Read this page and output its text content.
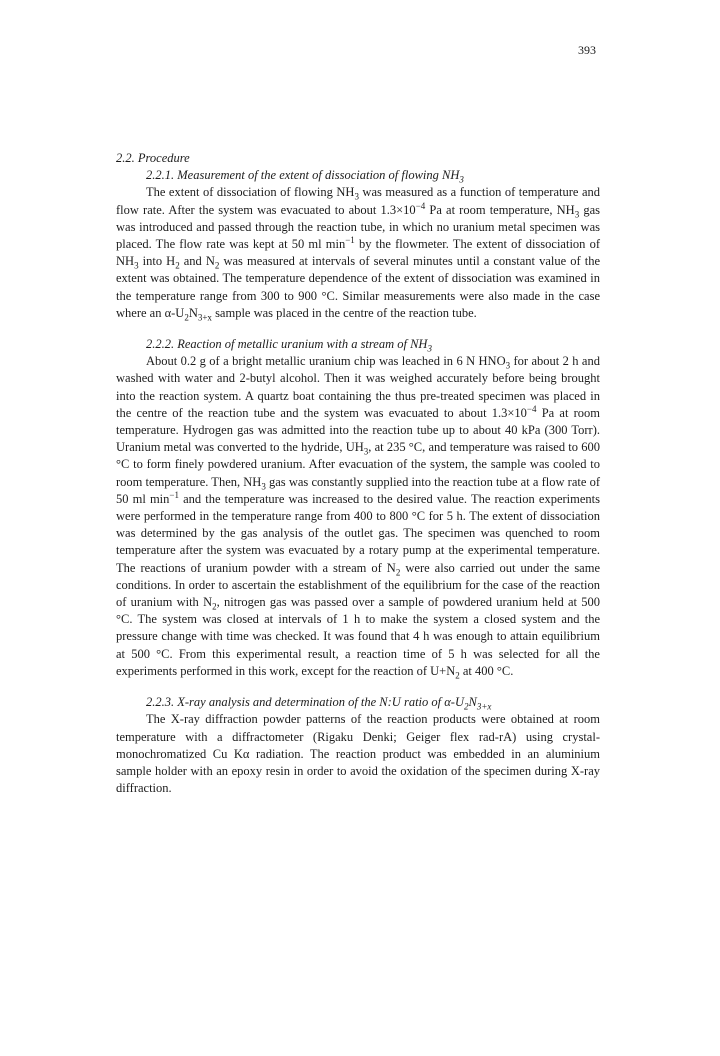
393

2.2. Procedure

2.2.1. Measurement of the extent of dissociation of flowing $NH_3$

The extent of dissociation of flowing $NH_3$ was measured as a function of temperature and flow rate. After the system was evacuated to about $1.3\times 10^{-4}$ Pa at room temperature, $NH_3$ gas was introduced and passed through the reaction tube, in which no uranium metal specimen was placed. The flow rate was kept at 50 ml $\min^{-1}$ by the flowmeter. The extent of dissociation of $NH_3$ into $H_2$ and $N_2$ was measured at intervals of several minutes until a constant value of the extent was obtained. The temperature dependence of the extent of dissociation was examined in the temperature range from 300 to 900 °C. Similar measurements were also made in the case where an $\alpha-U_2N_{3+x}$ sample was placed in the centre of the reaction tube.

2.2.2. Reaction of metallic uranium with a stream of $NH_3$

About 0.2 g of a bright metallic uranium chip was leached in 6 N $HNO_3$ for about 2 h and washed with water and 2-butyl alcohol. Then it was weighed accurately before being brought into the reaction system. A quartz boat containing the thus pre-treated specimen was placed in the centre of the reaction tube and the system was evacuated to about $1.3\times 10^{-4}$ Pa at room temperature. Hydrogen gas was admitted into the reaction tube up to about 40 kPa (300 Torr). Uranium metal was converted to the hydride, $UH_3$, at 235 °C, and temperature was raised to 600 °C to form finely powdered uranium. After evacuation of the system, the sample was cooled to room temperature. Then, $NH_3$ gas was constantly supplied into the reaction tube at a flow rate of 50 ml $\min^{-1}$ and the temperature was increased to the desired value. The reaction experiments were performed in the temperature range from 400 to 800 °C for 5 h. The extent of dissociation was determined by the gas analysis of the outlet gas. The specimen was quenched to room temperature after the system was evacuated by a rotary pump at the experimental temperature. The reactions of uranium powder with a stream of $N_2$ were also carried out under the same conditions. In order to ascertain the establishment of the equilibrium for the case of the reaction of uranium with $N_2$, nitrogen gas was passed over a sample of powdered uranium held at 500 °C. The system was closed at intervals of 1 h to make the system a closed system and the pressure change with time was checked. It was found that 4 h was enough to attain equilibrium at 500 °C. From this experimental result, a reaction time of 5 h was selected for all the experiments performed in this work, except for the reaction of $U+N_2$ at 400 °C.

2.2.3. X-ray analysis and determination of the N:U ratio of $\alpha-U_2N_{3+x}$

The X-ray diffraction powder patterns of the reaction products were obtained at room temperature with a diffractometer (Rigaku Denki; Geiger flex rad-rA) using crystal-monochromatized Cu Kα radiation. The reaction product was embedded in an aluminium sample holder with an epoxy resin in order to avoid the oxidation of the specimen during X-ray diffraction.
